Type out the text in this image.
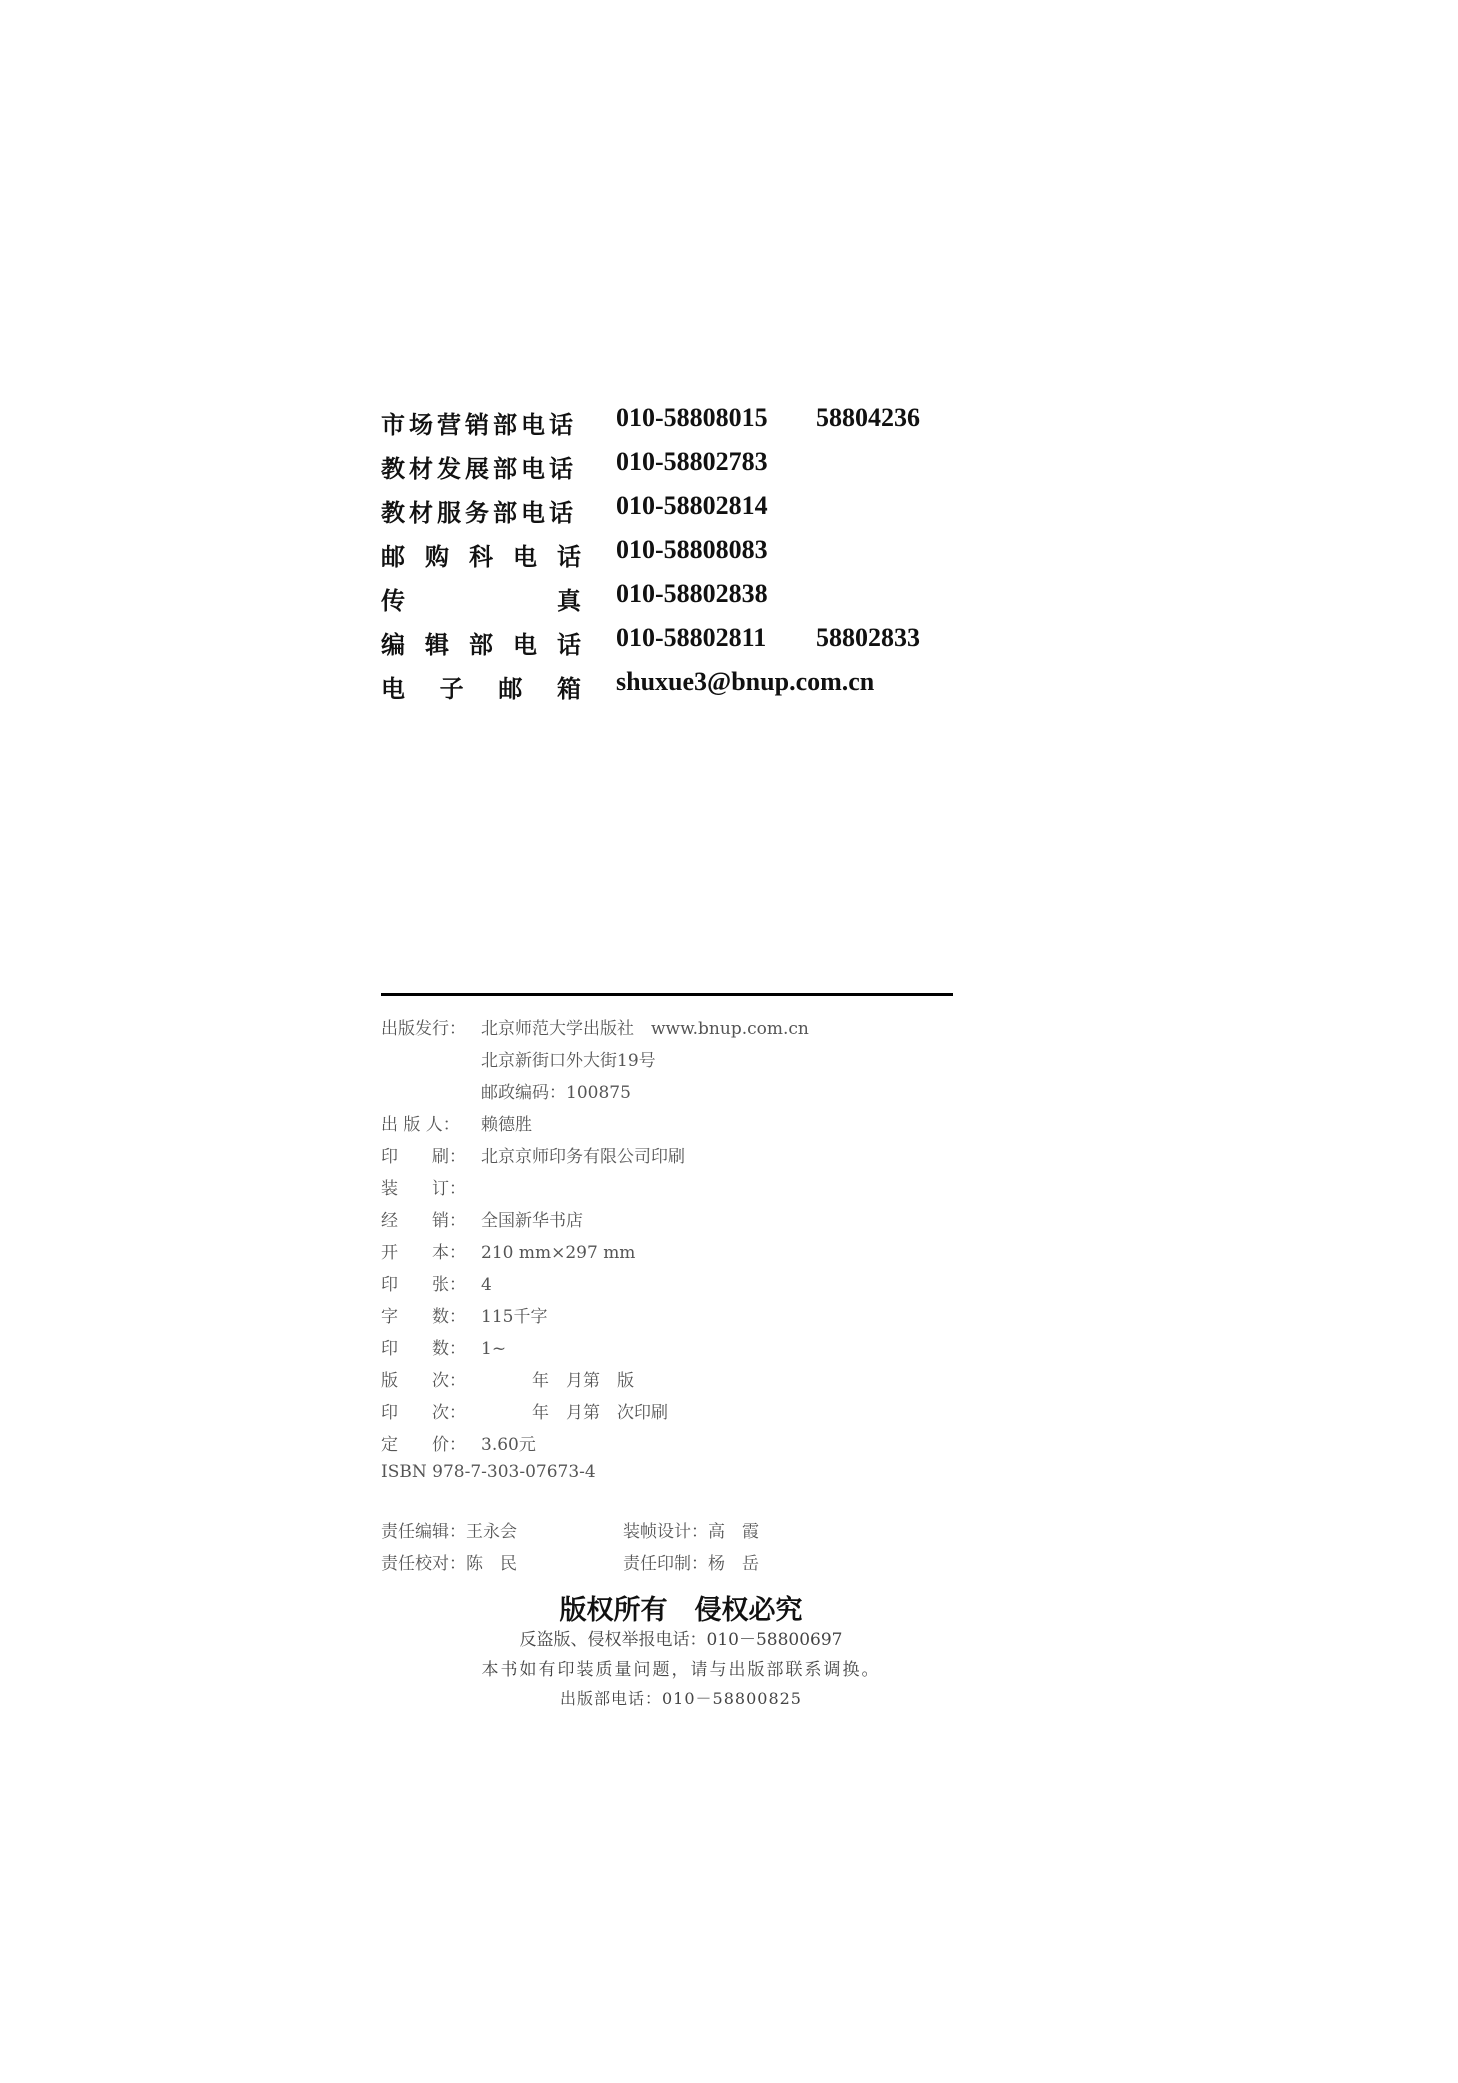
市场营销部电话 010-58808015 58804236
教材发展部电话 010-58802783
教材服务部电话 010-58802814
邮 购 科 电 话 010-58808083
传	真 010-58802838
编 辑 部 电 话 010-58802811 58802833
电 子 邮 箱 shuxue3@bnup.com.cn
出版发行： 北京师范大学出版社　www.bnup.com.cn
北京新街口外大街19号
邮政编码：100875
出 版 人： 赖德胜
印　　刷： 北京京师印务有限公司印刷
装　　订：
经　　销： 全国新华书店
开　　本： 210 mm×297 mm
印　　张： 4
字　　数： 115千字
印　　数： 1~
版　　次：　　　年　月第　版
印　　次：　　　年　月第　次印刷
定　　价： 3.60元
ISBN 978-7-303-07673-4
责任编辑：王永会	装帧设计：高　霞
责任校对：陈　民	责任印制：杨　岳
版权所有　侵权必究
反盗版、侵权举报电话：010－58800697
本书如有印装质量问题，请与出版部联系调换。
出版部电话：010－58800825
